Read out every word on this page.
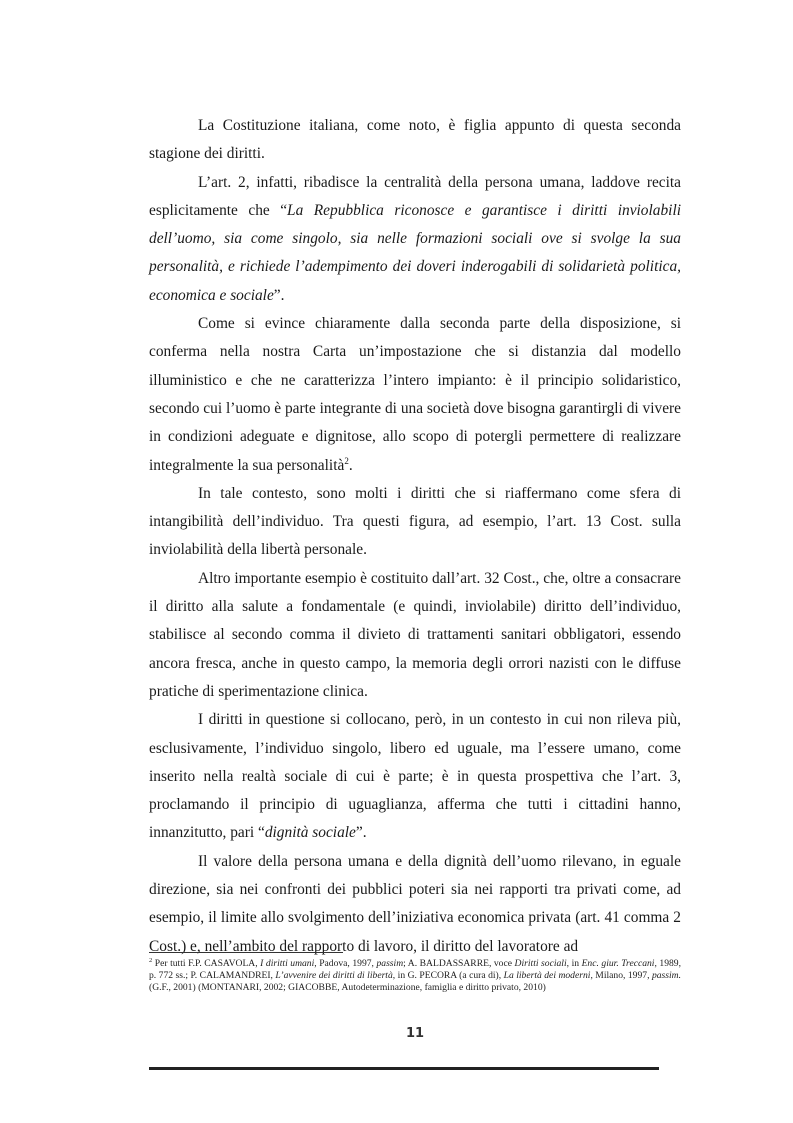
La Costituzione italiana, come noto, è figlia appunto di questa seconda stagione dei diritti.

L’art. 2, infatti, ribadisce la centralità della persona umana, laddove recita esplicitamente che “La Repubblica riconosce e garantisce i diritti inviolabili dell’uomo, sia come singolo, sia nelle formazioni sociali ove si svolge la sua personalità, e richiede l’adempimento dei doveri inderogabili di solidarietà politica, economica e sociale”.

Come si evince chiaramente dalla seconda parte della disposizione, si conferma nella nostra Carta un’impostazione che si distanzia dal modello illuministico e che ne caratterizza l’intero impianto: è il principio solidaristico, secondo cui l’uomo è parte integrante di una società dove bisogna garantirgli di vivere in condizioni adeguate e dignitose, allo scopo di potergli permettere di realizzare integralmente la sua personalità$^2$.

In tale contesto, sono molti i diritti che si riaffermano come sfera di intangibilità dell’individuo. Tra questi figura, ad esempio, l’art. 13 Cost. sulla inviolabilità della libertà personale.

Altro importante esempio è costituito dall’art. 32 Cost., che, oltre a consacrare il diritto alla salute a fondamentale (e quindi, inviolabile) diritto dell’individuo, stabilisce al secondo comma il divieto di trattamenti sanitari obbligatori, essendo ancora fresca, anche in questo campo, la memoria degli orrori nazisti con le diffuse pratiche di sperimentazione clinica.

I diritti in questione si collocano, però, in un contesto in cui non rileva più, esclusivamente, l’individuo singolo, libero ed uguale, ma l’essere umano, come inserito nella realtà sociale di cui è parte; è in questa prospettiva che l’art. 3, proclamando il principio di uguaglianza, afferma che tutti i cittadini hanno, innanzitutto, pari “dignità sociale”.

Il valore della persona umana e della dignità dell’uomo rilevano, in eguale direzione, sia nei confronti dei pubblici poteri sia nei rapporti tra privati come, ad esempio, il limite allo svolgimento dell’iniziativa economica privata (art. 41 comma 2 Cost.) e, nell’ambito del rapporto di lavoro, il diritto del lavoratore ad

$^2$ Per tutti F.P. CASAVOLA, I diritti umani, Padova, 1997, passim; A. BALDASSARRE, voce Diritti sociali, in Enc. giur. Treccani, 1989, p. 772 ss.; P. CALAMANDREI, L’avvenire dei diritti di libertà, in G. PECORA (a cura di), La libertà dei moderni, Milano, 1997, passim. (G.F., 2001) (MONTANARI, 2002; GIACOBBE, Autodeterminazione, famiglia e diritto privato, 2010)
11
